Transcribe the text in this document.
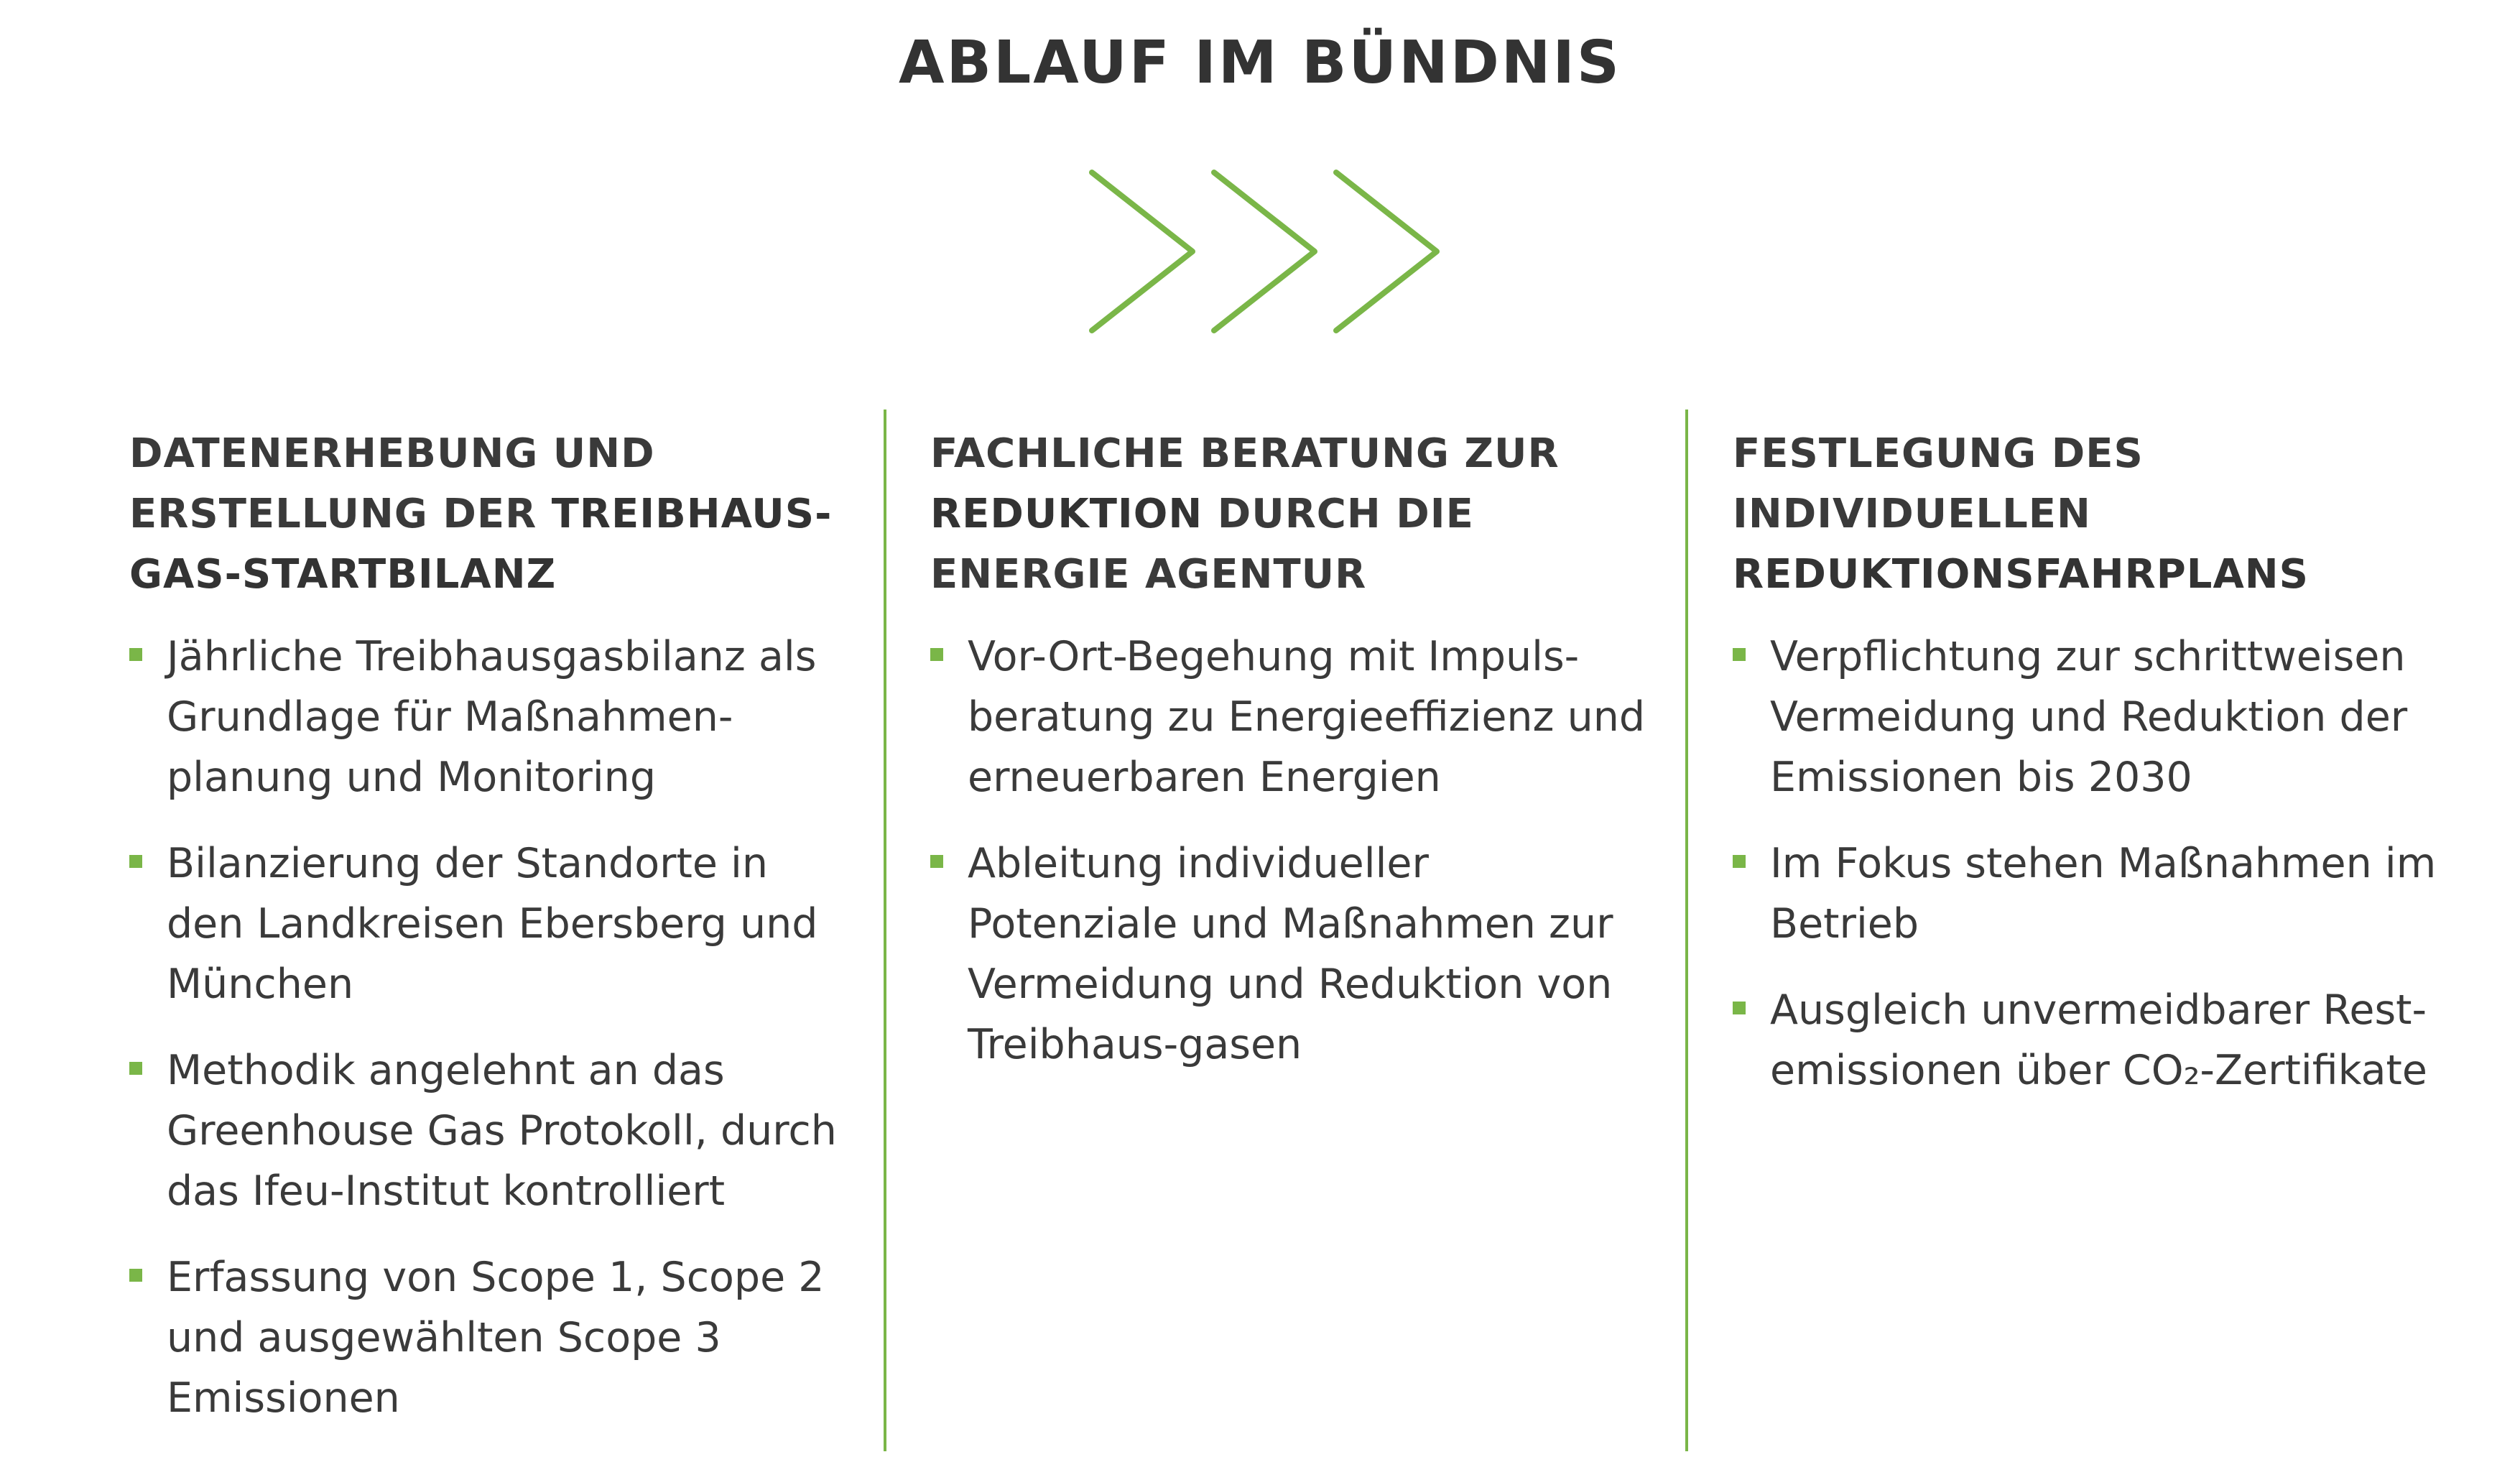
ABLAUF IM BÜNDNIS
DATENERHEBUNG UND ERSTELLUNG DER TREIBHAUS-GAS-STARTBILANZ
Jährliche Treibhausgasbilanz als Grundlage für Maßnahmen-planung und Monitoring
Bilanzierung der Standorte in den Landkreisen Ebersberg und München
Methodik angelehnt an das Greenhouse Gas Protokoll, durch das Ifeu-Institut kontrolliert
Erfassung von Scope 1, Scope 2 und ausgewählten Scope 3 Emissionen
FACHLICHE BERATUNG ZUR REDUKTION DURCH DIE ENERGIE AGENTUR
Vor-Ort-Begehung mit Impuls-beratung zu Energieeffizienz und erneuerbaren Energien
Ableitung individueller Potenziale und Maßnahmen zur Vermeidung und Reduktion von Treibhaus-gasen
FESTLEGUNG DES INDIVIDUELLEN REDUKTIONSFAHRPLANS
Verpflichtung zur schrittweisen Vermeidung und Reduktion der Emissionen bis 2030
Im Fokus stehen Maßnahmen im Betrieb
Ausgleich unvermeidbarer Rest-emissionen über CO₂-Zertifikate
